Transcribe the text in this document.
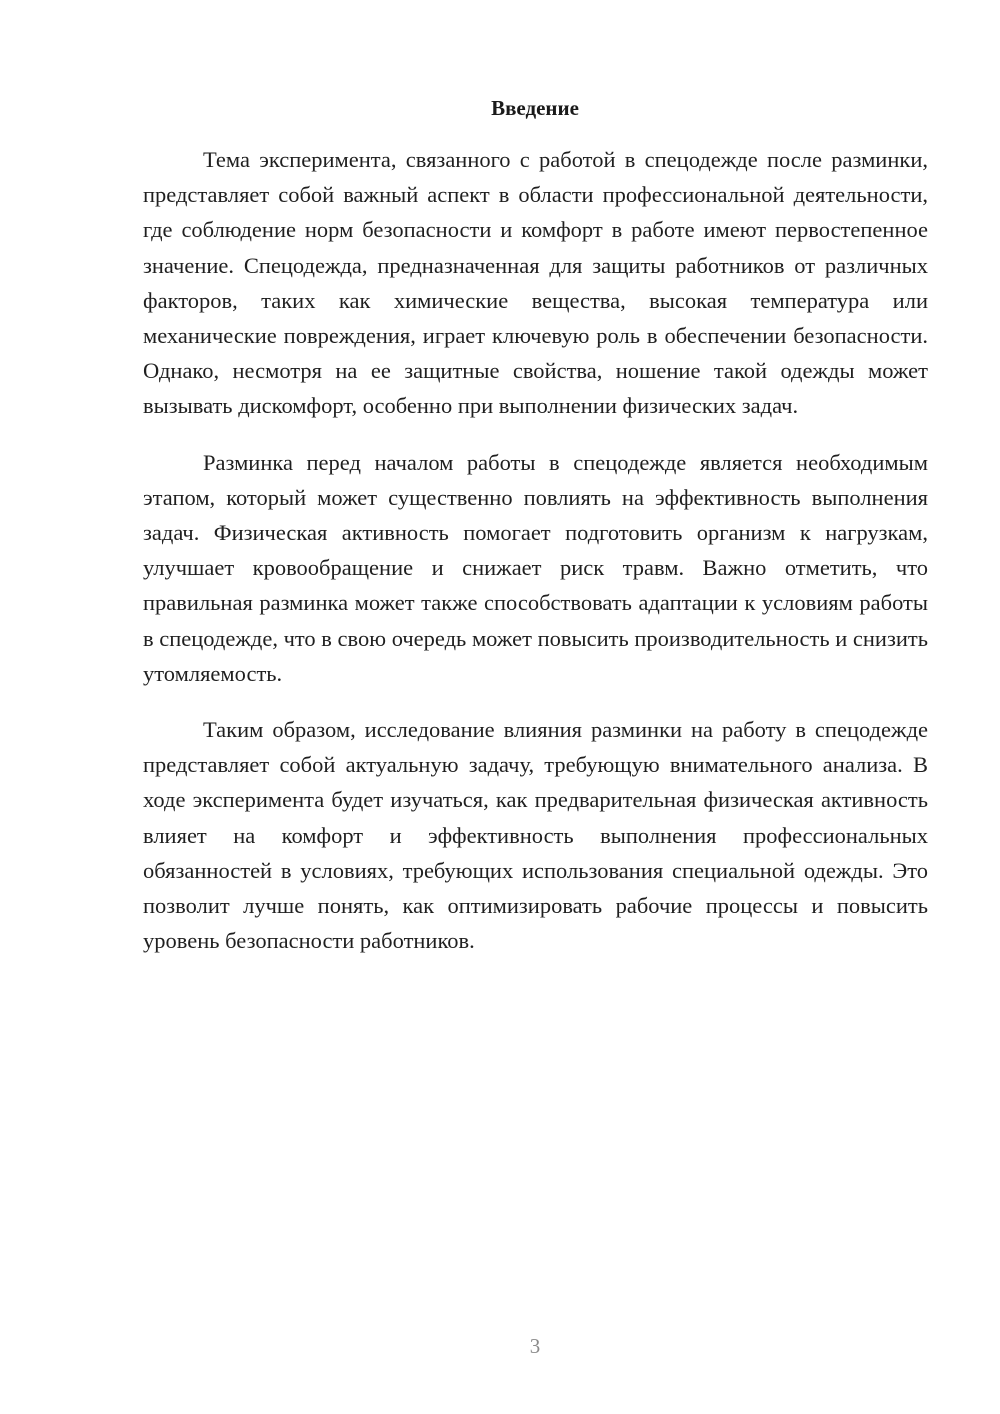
Введение

Тема эксперимента, связанного с работой в спецодежде после разминки, представляет собой важный аспект в области профессиональной деятельности, где соблюдение норм безопасности и комфорт в работе имеют первостепенное значение. Спецодежда, предназначенная для защиты работников от различных факторов, таких как химические вещества, высокая температура или механические повреждения, играет ключевую роль в обеспечении безопасности. Однако, несмотря на ее защитные свойства, ношение такой одежды может вызывать дискомфорт, особенно при выполнении физических задач.

Разминка перед началом работы в спецодежде является необходимым этапом, который может существенно повлиять на эффективность выполнения задач. Физическая активность помогает подготовить организм к нагрузкам, улучшает кровообращение и снижает риск травм. Важно отметить, что правильная разминка может также способствовать адаптации к условиям работы в спецодежде, что в свою очередь может повысить производительность и снизить утомляемость.

Таким образом, исследование влияния разминки на работу в спецодежде представляет собой актуальную задачу, требующую внимательного анализа. В ходе эксперимента будет изучаться, как предварительная физическая активность влияет на комфорт и эффективность выполнения профессиональных обязанностей в условиях, требующих использования специальной одежды. Это позволит лучше понять, как оптимизировать рабочие процессы и повысить уровень безопасности работников.

3
